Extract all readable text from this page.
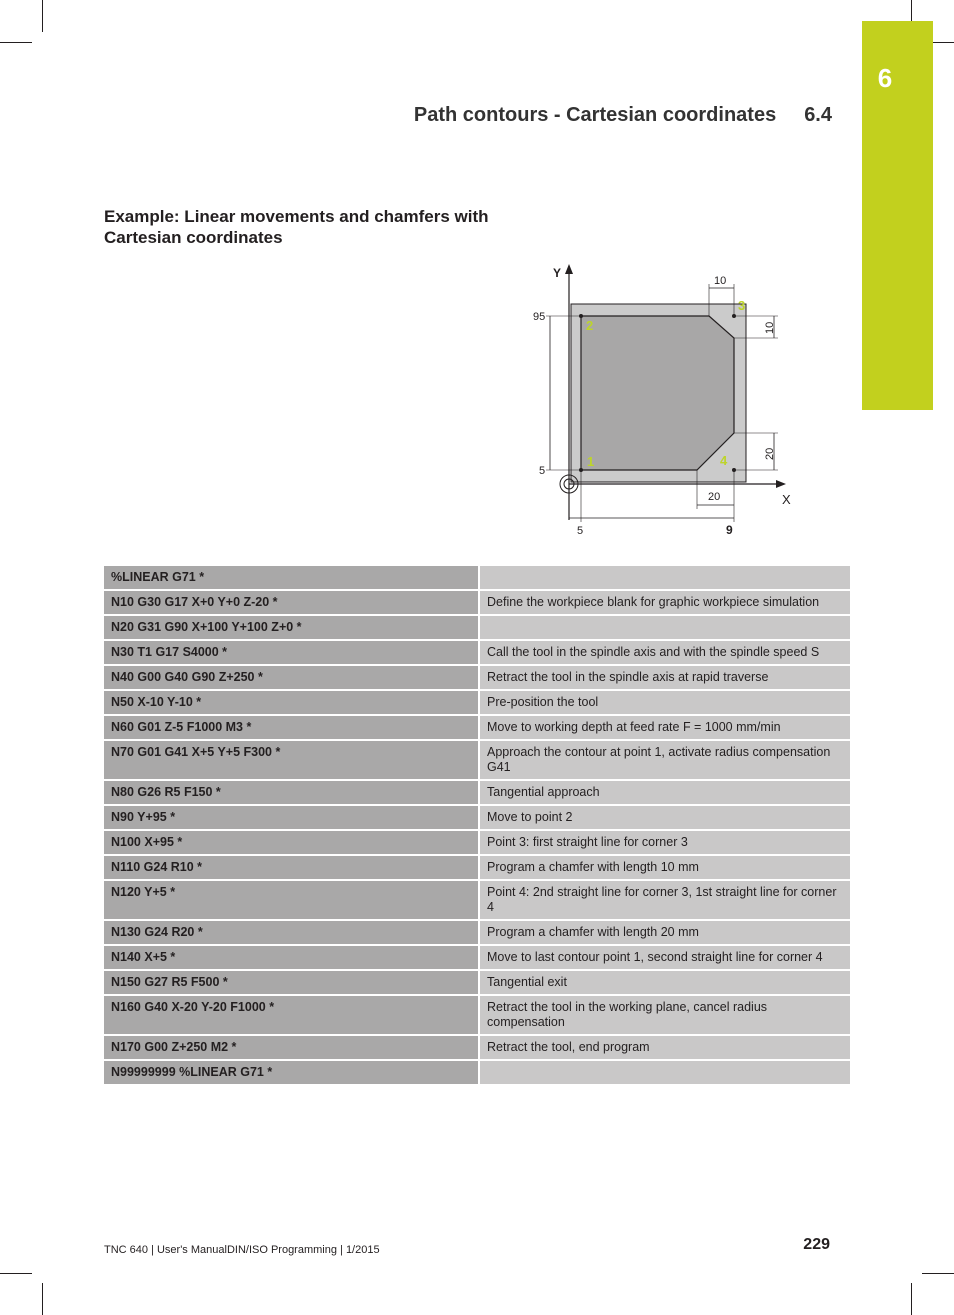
6
Path contours - Cartesian coordinates 6.4
Example: Linear movements and chamfers with Cartesian coordinates
Y
X
95
5
5	9
10
10
20
20
1
2
3
4
%LINEAR G71 *	
N10 G30 G17 X+0 Y+0 Z-20 *	Define the workpiece blank for graphic workpiece simulation
N20 G31 G90 X+100 Y+100 Z+0 *	
N30 T1 G17 S4000 *	Call the tool in the spindle axis and with the spindle speed S
N40 G00 G40 G90 Z+250 *	Retract the tool in the spindle axis at rapid traverse
N50 X-10 Y-10 *	Pre-position the tool
N60 G01 Z-5 F1000 M3 *	Move to working depth at feed rate F = 1000 mm/min
N70 G01 G41 X+5 Y+5 F300 *	Approach the contour at point 1, activate radius compensation G41
N80 G26 R5 F150 *	Tangential approach
N90 Y+95 *	Move to point 2
N100 X+95 *	Point 3: first straight line for corner 3
N110 G24 R10 *	Program a chamfer with length 10 mm
N120 Y+5 *	Point 4: 2nd straight line for corner 3, 1st straight line for corner 4
N130 G24 R20 *	Program a chamfer with length 20 mm
N140 X+5 *	Move to last contour point 1, second straight line for corner 4
N150 G27 R5 F500 *	Tangential exit
N160 G40 X-20 Y-20 F1000 *	Retract the tool in the working plane, cancel radius compensation
N170 G00 Z+250 M2 *	Retract the tool, end program
N99999999 %LINEAR G71 *	
TNC 640 | User's ManualDIN/ISO Programming | 1/2015	229
